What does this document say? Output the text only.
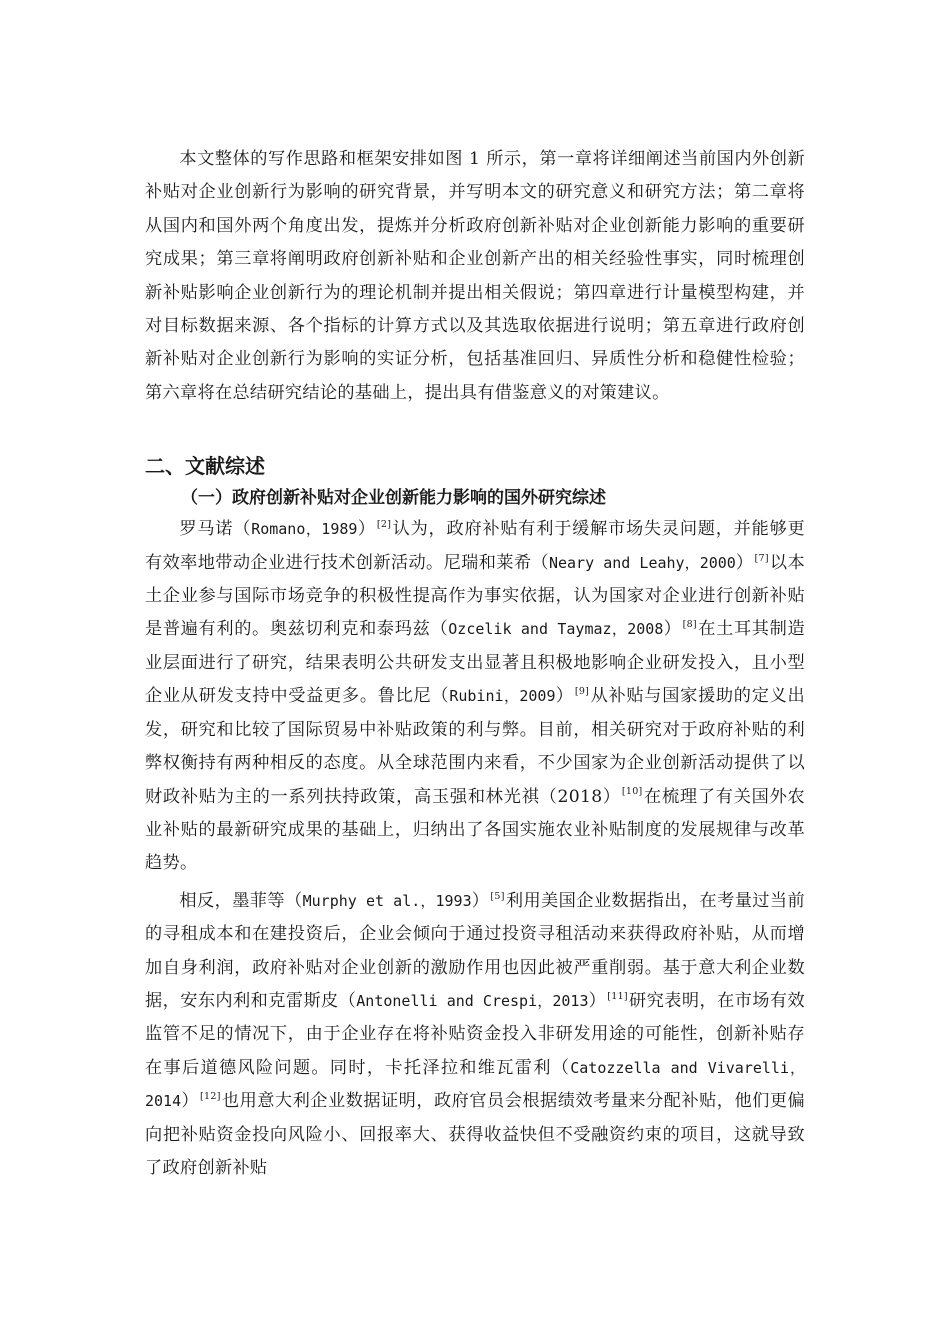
本文整体的写作思路和框架安排如图 1 所示，第一章将详细阐述当前国内外创新补贴对企业创新行为影响的研究背景，并写明本文的研究意义和研究方法；第二章将从国内和国外两个角度出发，提炼并分析政府创新补贴对企业创新能力影响的重要研究成果；第三章将阐明政府创新补贴和企业创新产出的相关经验性事实，同时梳理创新补贴影响企业创新行为的理论机制并提出相关假说；第四章进行计量模型构建，并对目标数据来源、各个指标的计算方式以及其选取依据进行说明；第五章进行政府创新补贴对企业创新行为影响的实证分析，包括基准回归、异质性分析和稳健性检验；第六章将在总结研究结论的基础上，提出具有借鉴意义的对策建议。

二、文献综述
（一）政府创新补贴对企业创新能力影响的国外研究综述

罗马诺（Romano，1989）[2]认为，政府补贴有利于缓解市场失灵问题，并能够更有效率地带动企业进行技术创新活动。尼瑞和莱希（Neary and Leahy，2000）[7]以本土企业参与国际市场竞争的积极性提高作为事实依据，认为国家对企业进行创新补贴是普遍有利的。奥兹切利克和泰玛兹（Ozcelik and Taymaz，2008）[8]在土耳其制造业层面进行了研究，结果表明公共研发支出显著且积极地影响企业研发投入，且小型企业从研发支持中受益更多。鲁比尼（Rubini，2009）[9]从补贴与国家援助的定义出发，研究和比较了国际贸易中补贴政策的利与弊。目前，相关研究对于政府补贴的利弊权衡持有两种相反的态度。从全球范围内来看，不少国家为企业创新活动提供了以财政补贴为主的一系列扶持政策，高玉强和林光祺（2018）[10]在梳理了有关国外农业补贴的最新研究成果的基础上，归纳出了各国实施农业补贴制度的发展规律与改革趋势。

相反，墨菲等（Murphy et al.，1993）[5]利用美国企业数据指出，在考量过当前的寻租成本和在建投资后，企业会倾向于通过投资寻租活动来获得政府补贴，从而增加自身利润，政府补贴对企业创新的激励作用也因此被严重削弱。基于意大利企业数据，安东内利和克雷斯皮（Antonelli and Crespi，2013）[11]研究表明，在市场有效监管不足的情况下，由于企业存在将补贴资金投入非研发用途的可能性，创新补贴存在事后道德风险问题。同时，卡托泽拉和维瓦雷利（Catozzella and Vivarelli，2014）[12]也用意大利企业数据证明，政府官员会根据绩效考量来分配补贴，他们更偏向把补贴资金投向风险小、回报率大、获得收益快但不受融资约束的项目，这就导致了政府创新补贴
